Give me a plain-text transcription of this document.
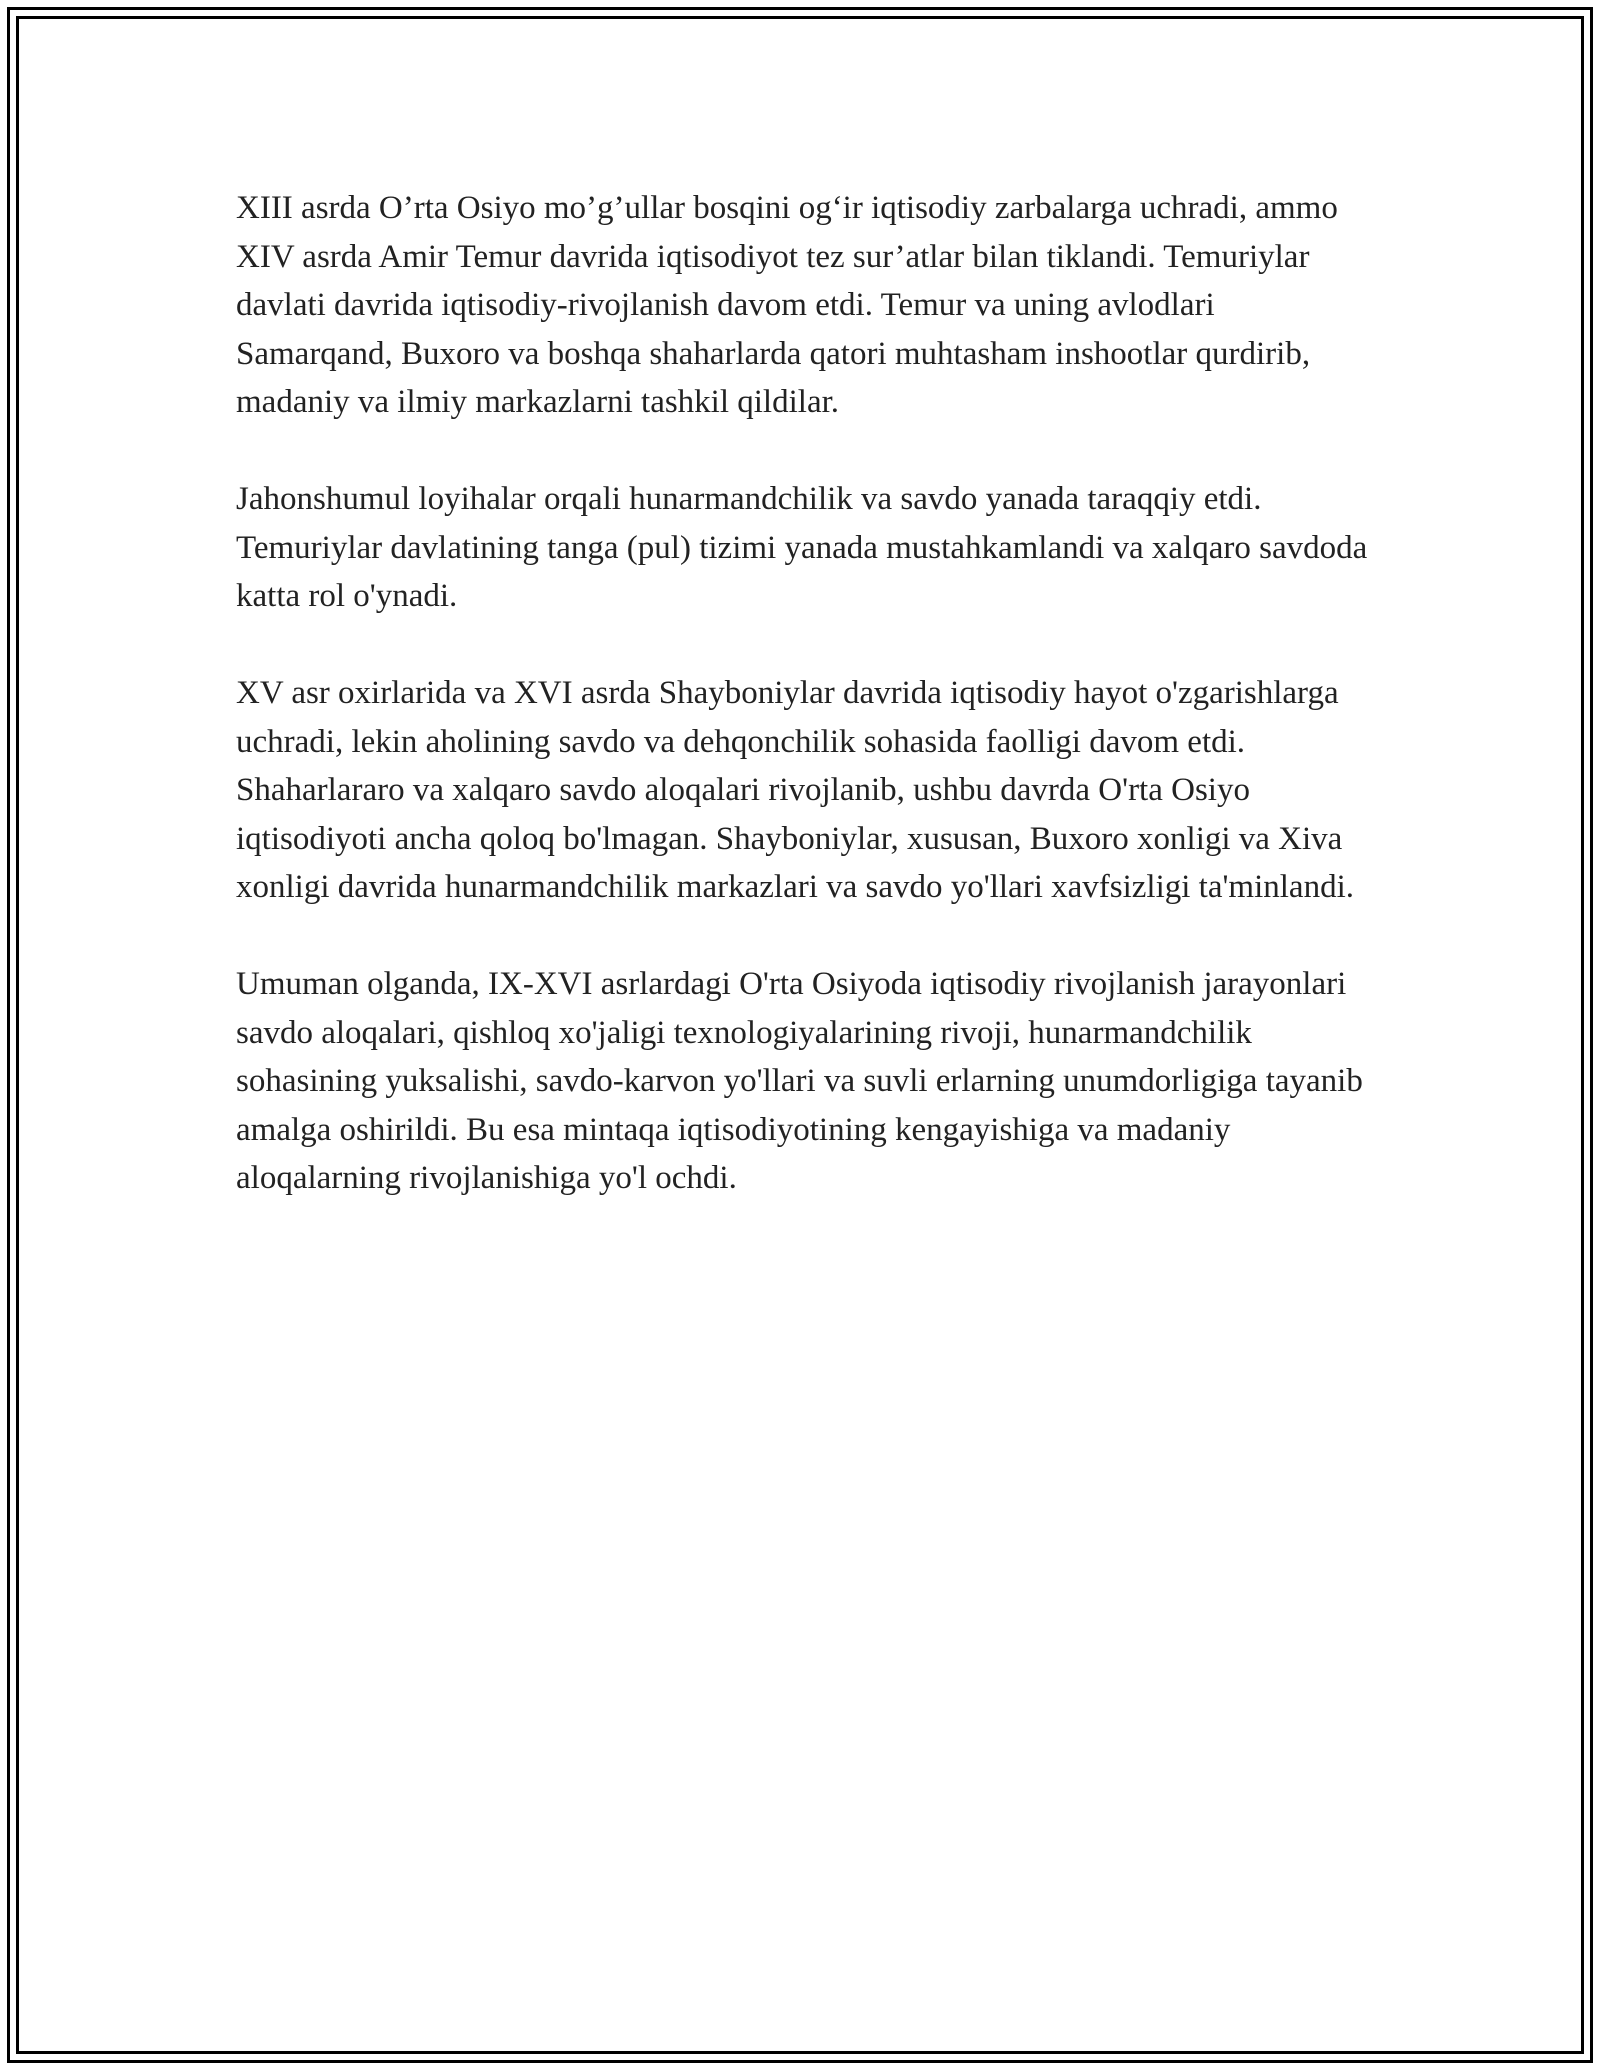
XIII asrda O’rta Osiyo mo’g’ullar bosqini og‘ir iqtisodiy zarbalarga uchradi, ammo XIV asrda Amir Temur davrida iqtisodiyot tez sur’atlar bilan tiklandi. Temuriylar davlati davrida iqtisodiy-rivojlanish davom etdi. Temur va uning avlodlari Samarqand, Buxoro va boshqa shaharlarda qatori muhtasham inshootlar qurdirib, madaniy va ilmiy markazlarni tashkil qildilar.

Jahonshumul loyihalar orqali hunarmandchilik va savdo yanada taraqqiy etdi. Temuriylar davlatining tanga (pul) tizimi yanada mustahkamlandi va xalqaro savdoda katta rol o'ynadi.

XV asr oxirlarida va XVI asrda Shayboniylar davrida iqtisodiy hayot o'zgarishlarga uchradi, lekin aholining savdo va dehqonchilik sohasida faolligi davom etdi. Shaharlararo va xalqaro savdo aloqalari rivojlanib, ushbu davrda O'rta Osiyo iqtisodiyoti ancha qoloq bo'lmagan. Shayboniylar, xususan, Buxoro xonligi va Xiva xonligi davrida hunarmandchilik markazlari va savdo yo'llari xavfsizligi ta'minlandi.

Umuman olganda, IX-XVI asrlardagi O'rta Osiyoda iqtisodiy rivojlanish jarayonlari savdo aloqalari, qishloq xo'jaligi texnologiyalarining rivoji, hunarmandchilik sohasining yuksalishi, savdo-karvon yo'llari va suvli erlarning unumdorligiga tayanib amalga oshirildi. Bu esa mintaqa iqtisodiyotining kengayishiga va madaniy aloqalarning rivojlanishiga yo'l ochdi.
